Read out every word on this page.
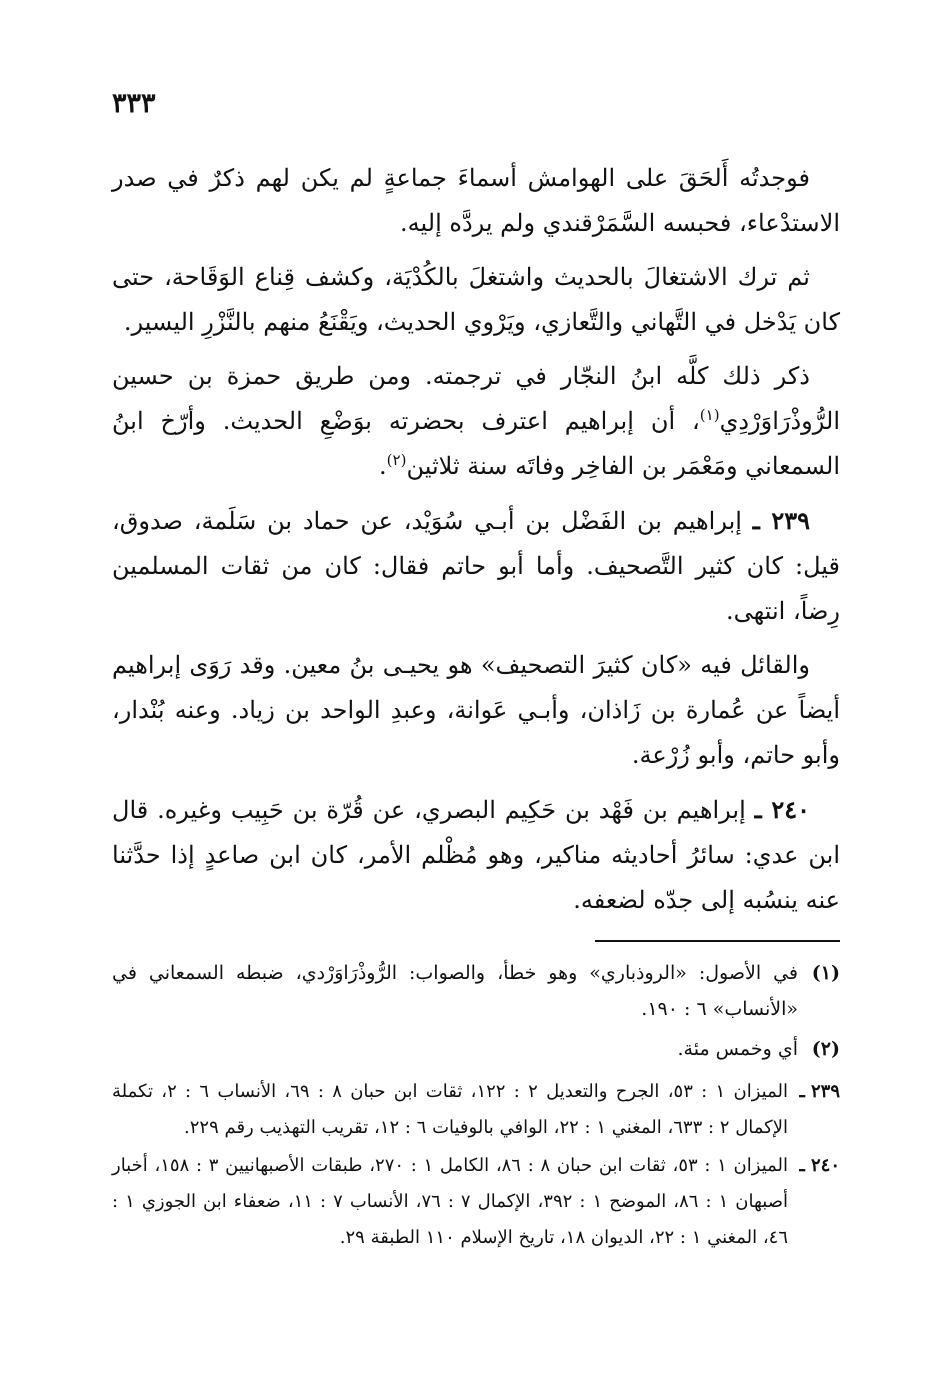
٣٣٣

فوجدتُه أَلحَقَ على الهوامش أسماءَ جماعةٍ لم يكن لهم ذكرٌ في صدر الاستدْعاء، فحبسه السَّمَرْقندي ولم يردَّه إليه.

ثم ترك الاشتغالَ بالحديث واشتغلَ بالكُدْيَة، وكشف قِناع الوَقَاحة، حتى كان يَدْخل في التَّهاني والتَّعازي، ويَرْوي الحديث، ويَقْنَعُ منهم بالنَّزْرِ اليسير.

ذكر ذلك كلَّه ابنُ النجّار في ترجمته. ومن طريق حمزة بن حسين الرُّوذْرَاوَرْدِي$^{(١)}$، أن إبراهيم اعترف بحضرته بوَضْعِ الحديث. وأرّخ ابنُ السمعاني ومَعْمَر بن الفاخِر وفاتَه سنة ثلاثين$^{(٢)}$.

٢٣٩ ـ إبراهيم بن الفَضْل بن أبـي سُوَيْد، عن حماد بن سَلَمة، صدوق، قيل: كان كثير التَّصحيف. وأما أبو حاتم فقال: كان من ثقات المسلمين رِضاً، انتهى.

والقائل فيه «كان كثيرَ التصحيف» هو يحيـى بنُ معين. وقد رَوَى إبراهيم أيضاً عن عُمارة بن زَاذان، وأبـي عَوانة، وعبدِ الواحد بن زياد. وعنه بُنْدار، وأبو حاتم، وأبو زُرْعة.

٢٤٠ ـ إبراهيم بن فَهْد بن حَكِيم البصري، عن قُرّة بن حَبِيب وغيره. قال ابن عدي: سائرُ أحاديثه مناكير، وهو مُظْلم الأمر، كان ابن صاعدٍ إذا حدَّثنا عنه ينسُبه إلى جدّه لضعفه.

(١)
في الأصول: «الروذباري» وهو خطأ، والصواب: الرُّوذْرَاوَرْدي، ضبطه السمعاني في «الأنساب» ٦ : ١٩٠.
(٢)
أي وخمس مئة.
٢٣٩ ـ
الميزان ١ : ٥٣، الجرح والتعديل ٢ : ١٢٢، ثقات ابن حبان ٨ : ٦٩، الأنساب ٦ : ٢، تكملة الإكمال ٢ : ٦٣٣، المغني ١ : ٢٢، الوافي بالوفيات ٦ : ١٢، تقريب التهذيب رقم ٢٢٩.
٢٤٠ ـ
الميزان ١ : ٥٣، ثقات ابن حبان ٨ : ٨٦، الكامل ١ : ٢٧٠، طبقات الأصبهانيين ٣ : ١٥٨، أخبار أصبهان ١ : ٨٦، الموضح ١ : ٣٩٢، الإكمال ٧ : ٧٦، الأنساب ٧ : ١١، ضعفاء ابن الجوزي ١ : ٤٦، المغني ١ : ٢٢، الديوان ١٨، تاريخ الإسلام ١١٠ الطبقة ٢٩.
